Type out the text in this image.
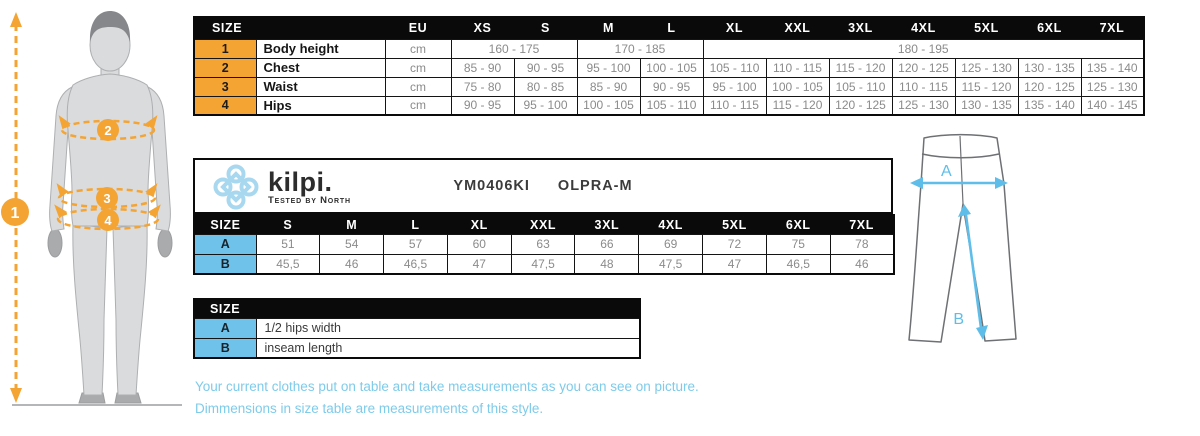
1
2
3
4
SIZE		EU	XS	S	M	L	XL	XXL	3XL	4XL	5XL	6XL	7XL
1	Body height	cm	160 - 175		170 - 185		180 - 195						
2	Chest	cm	85 - 90	90 - 95	95 - 100	100 - 105	105 - 110	110 - 115	115 - 120	120 - 125	125 - 130	130 - 135	135 - 140
3	Waist	cm	75 - 80	80 - 85	85 - 90	90 - 95	95 - 100	100 - 105	105 - 110	110 - 115	115 - 120	120 - 125	125 - 130
4	Hips	cm	90 - 95	95 - 100	100 - 105	105 - 110	110 - 115	115 - 120	120 - 125	125 - 130	130 - 135	135 - 140	140 - 145
kilpi.
Tested by North
YM0406KI OLPRA-M
SIZE	S	M	L	XL	XXL	3XL	4XL	5XL	6XL	7XL
A	51	54	57	60	63	66	69	72	75	78
B	45,5	46	46,5	47	47,5	48	47,5	47	46,5	46
SIZE	
A	1/2 hips width
B	inseam length
Your current clothes put on table and take measurements as you can see on picture.
Dimmensions in size table are measurements of this style.
A
B
